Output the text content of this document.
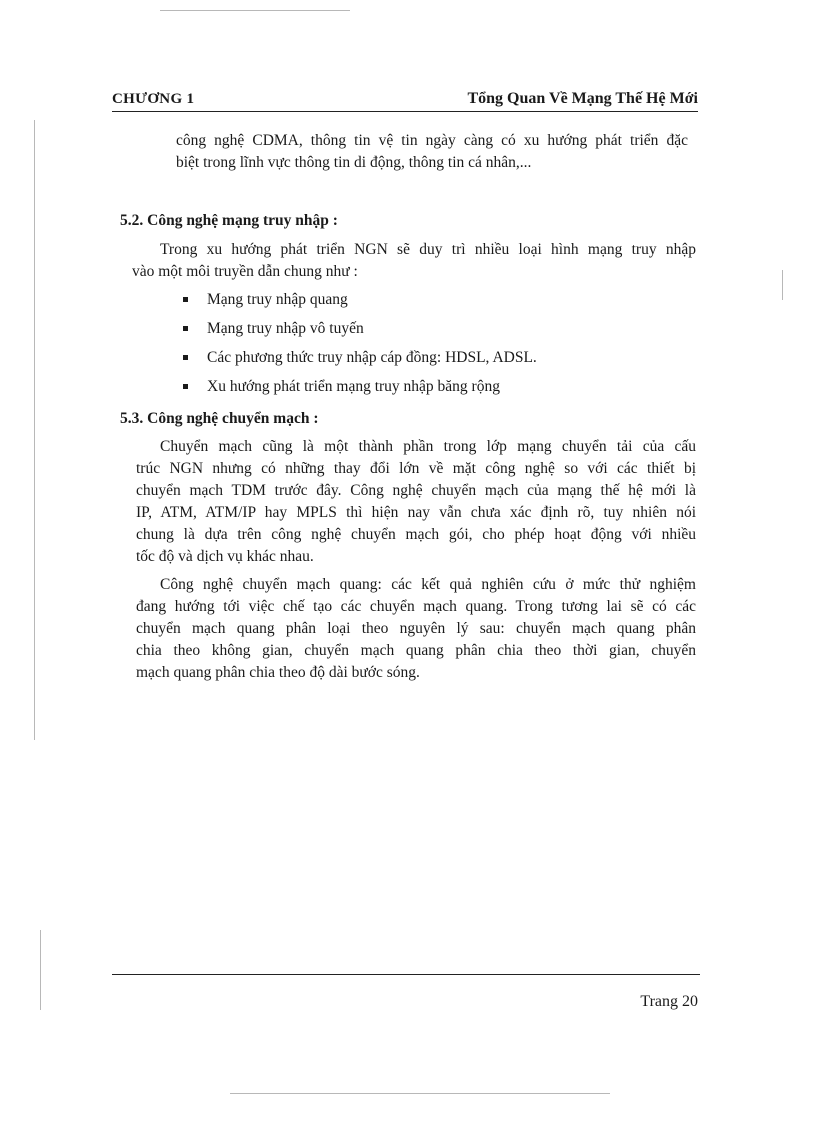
CHƯƠNG 1	Tổng Quan Về Mạng Thế Hệ Mới
công nghệ CDMA, thông tin vệ tin ngày càng có xu hướng phát triển đặc
biệt trong lĩnh vực thông tin di động, thông tin cá nhân,...
5.2. Công nghệ mạng truy nhập :
Trong xu hướng phát triển NGN sẽ duy trì nhiều loại hình mạng truy nhập
vào một môi truyền dẫn chung như :
Mạng truy nhập quang
Mạng truy nhập vô tuyến
Các phương thức truy nhập cáp đồng: HDSL, ADSL.
Xu hướng phát triển mạng truy nhập băng rộng
5.3. Công nghệ chuyển mạch :
Chuyển mạch cũng là một thành phần trong lớp mạng chuyển tải của cấu
trúc NGN nhưng có những thay đổi lớn về mặt công nghệ so với các thiết bị
chuyển mạch TDM trước đây. Công nghệ chuyển mạch của mạng thế hệ mới là
IP, ATM, ATM/IP hay MPLS thì hiện nay vẫn chưa xác định rõ, tuy nhiên nói
chung là dựa trên công nghệ chuyển mạch gói, cho phép hoạt động với nhiều
tốc độ và dịch vụ khác nhau.
Công nghệ chuyển mạch quang: các kết quả nghiên cứu ở mức thử nghiệm
đang hướng tới việc chế tạo các chuyển mạch quang. Trong tương lai sẽ có các
chuyển mạch quang phân loại theo nguyên lý sau: chuyển mạch quang phân
chia theo không gian, chuyển mạch quang phân chia theo thời gian, chuyển
mạch quang phân chia theo độ dài bước sóng.
Trang 20
